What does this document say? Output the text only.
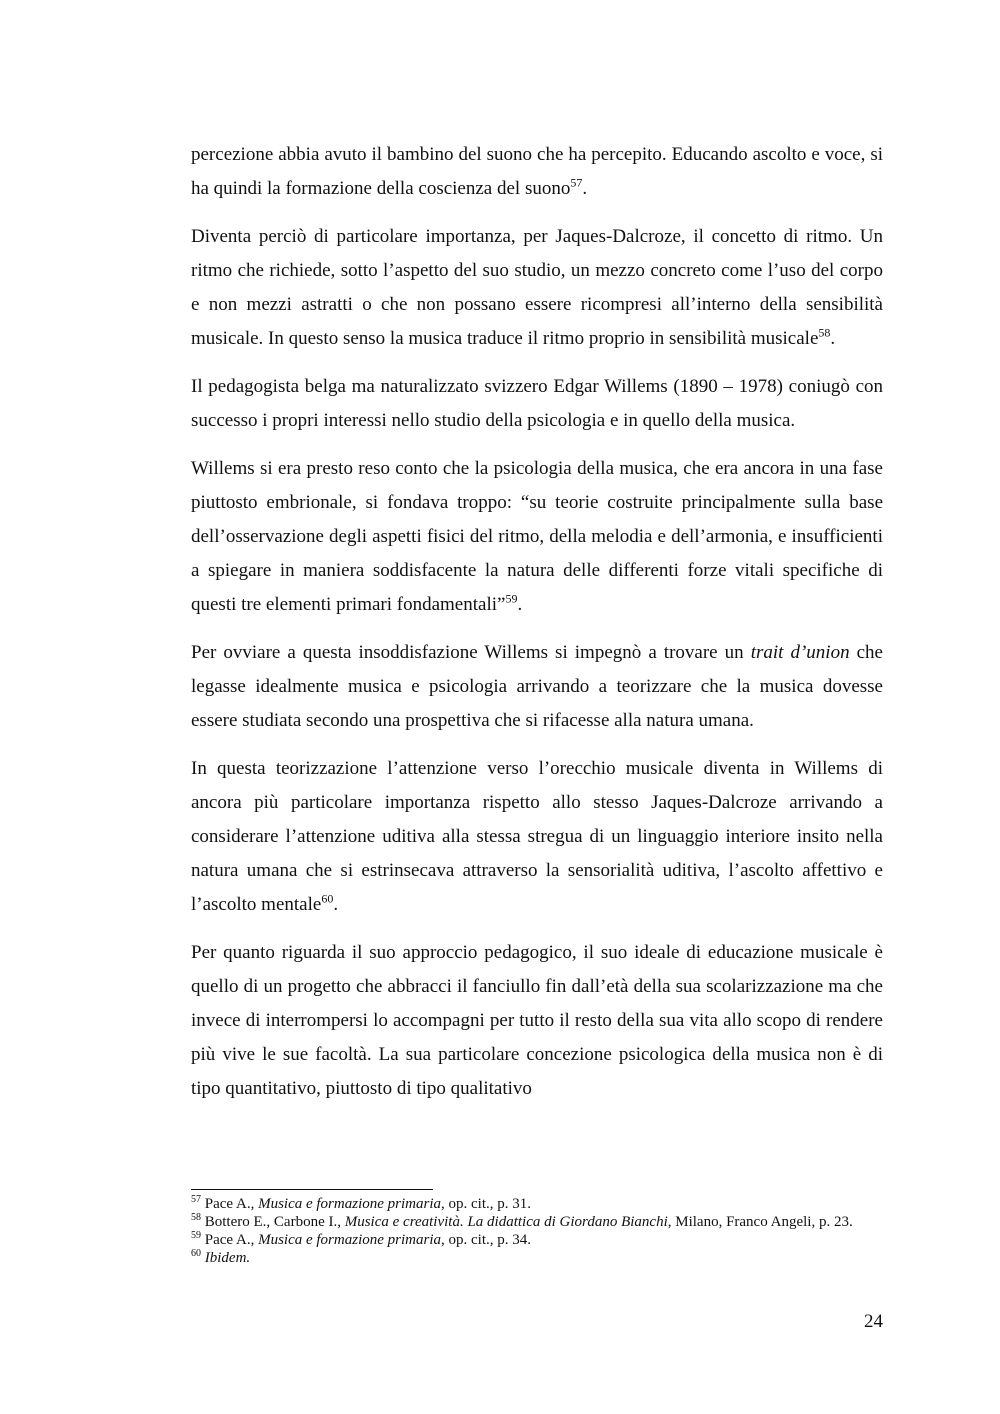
percezione abbia avuto il bambino del suono che ha percepito. Educando ascolto e voce, si ha quindi la formazione della coscienza del suono$^{57}$.

Diventa perciò di particolare importanza, per Jaques-Dalcroze, il concetto di ritmo. Un ritmo che richiede, sotto l’aspetto del suo studio, un mezzo concreto come l’uso del corpo e non mezzi astratti o che non possano essere ricompresi all’interno della sensibilità musicale. In questo senso la musica traduce il ritmo proprio in sensibilità musicale$^{58}$.

Il pedagogista belga ma naturalizzato svizzero Edgar Willems (1890 – 1978) coniugò con successo i propri interessi nello studio della psicologia e in quello della musica.

Willems si era presto reso conto che la psicologia della musica, che era ancora in una fase piuttosto embrionale, si fondava troppo: “su teorie costruite principalmente sulla base dell’osservazione degli aspetti fisici del ritmo, della melodia e dell’armonia, e insufficienti a spiegare in maniera soddisfacente la natura delle differenti forze vitali specifiche di questi tre elementi primari fondamentali”$^{59}$.

Per ovviare a questa insoddisfazione Willems si impegnò a trovare un trait d’union che legasse idealmente musica e psicologia arrivando a teorizzare che la musica dovesse essere studiata secondo una prospettiva che si rifacesse alla natura umana.

In questa teorizzazione l’attenzione verso l’orecchio musicale diventa in Willems di ancora più particolare importanza rispetto allo stesso Jaques-Dalcroze arrivando a considerare l’attenzione uditiva alla stessa stregua di un linguaggio interiore insito nella natura umana che si estrinsecava attraverso la sensorialità uditiva, l’ascolto affettivo e l’ascolto mentale$^{60}$.

Per quanto riguarda il suo approccio pedagogico, il suo ideale di educazione musicale è quello di un progetto che abbracci il fanciullo fin dall’età della sua scolarizzazione ma che invece di interrompersi lo accompagni per tutto il resto della sua vita allo scopo di rendere più vive le sue facoltà. La sua particolare concezione psicologica della musica non è di tipo quantitativo, piuttosto di tipo qualitativo

$^{57}$ Pace A., Musica e formazione primaria, op. cit., p. 31.

$^{58}$ Bottero E., Carbone I., Musica e creatività. La didattica di Giordano Bianchi, Milano, Franco Angeli, p. 23.

$^{59}$ Pace A., Musica e formazione primaria, op. cit., p. 34.

$^{60}$ Ibidem.

24
